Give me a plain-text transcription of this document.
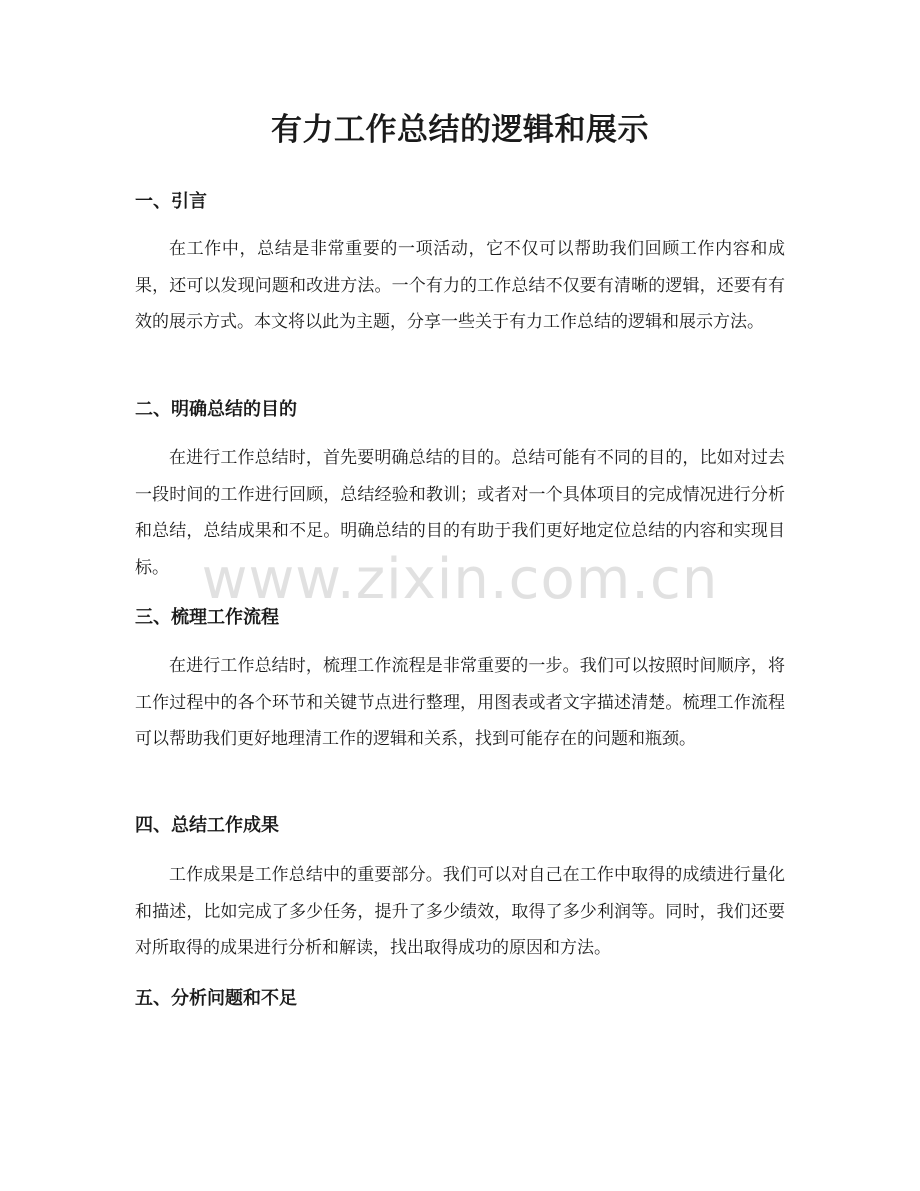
有力工作总结的逻辑和展示
一、引言

在工作中，总结是非常重要的一项活动，它不仅可以帮助我们回顾工作内容和成果，还可以发现问题和改进方法。一个有力的工作总结不仅要有清晰的逻辑，还要有有效的展示方式。本文将以此为主题，分享一些关于有力工作总结的逻辑和展示方法。

二、明确总结的目的

在进行工作总结时，首先要明确总结的目的。总结可能有不同的目的，比如对过去一段时间的工作进行回顾，总结经验和教训；或者对一个具体项目的完成情况进行分析和总结，总结成果和不足。明确总结的目的有助于我们更好地定位总结的内容和实现目标。

三、梳理工作流程

在进行工作总结时，梳理工作流程是非常重要的一步。我们可以按照时间顺序，将工作过程中的各个环节和关键节点进行整理，用图表或者文字描述清楚。梳理工作流程可以帮助我们更好地理清工作的逻辑和关系，找到可能存在的问题和瓶颈。

四、总结工作成果

工作成果是工作总结中的重要部分。我们可以对自己在工作中取得的成绩进行量化和描述，比如完成了多少任务，提升了多少绩效，取得了多少利润等。同时，我们还要对所取得的成果进行分析和解读，找出取得成功的原因和方法。

五、分析问题和不足
www.zixin.com.cn
